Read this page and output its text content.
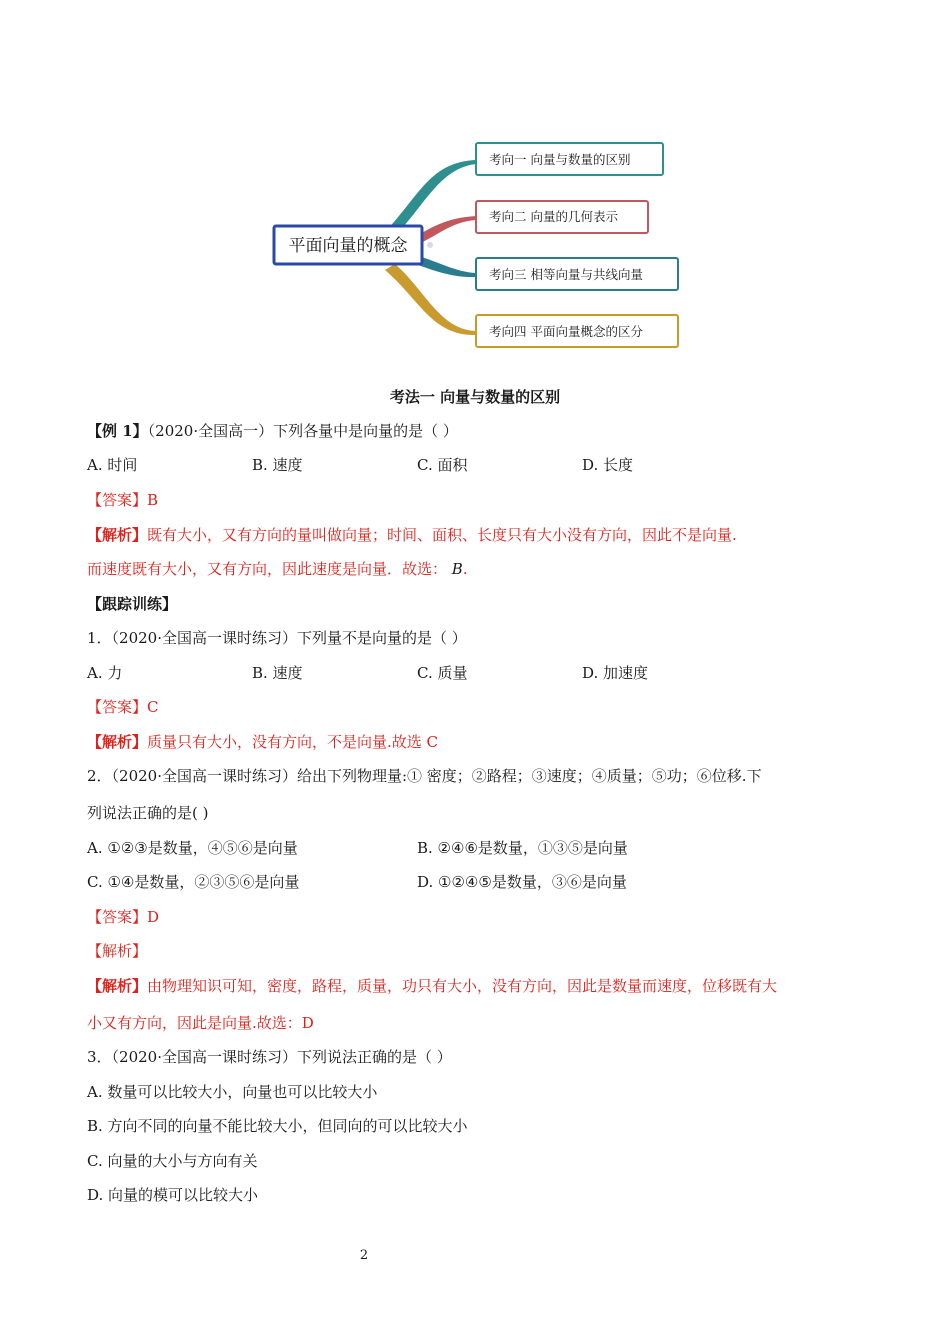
平面向量的概念
考向一 向量与数量的区别
考向二 向量的几何表示
考向三 相等向量与共线向量
考向四 平面向量概念的区分
考法一 向量与数量的区别
【例 1】（2020·全国高一）下列各量中是向量的是（ ）
A. 时间	B. 速度	C. 面积	D. 长度
【答案】B
【解析】既有大小，又有方向的量叫做向量；时间、面积、长度只有大小没有方向，因此不是向量.
而速度既有大小，又有方向，因此速度是向量．故选： B.
【跟踪训练】
1．（2020·全国高一课时练习）下列量不是向量的是（ ）
A. 力	B. 速度	C. 质量	D. 加速度
【答案】C
【解析】质量只有大小，没有方向，不是向量.故选 C
2．（2020·全国高一课时练习）给出下列物理量:① 密度；②路程；③速度；④质量；⑤功；⑥位移.下
列说法正确的是( )
A. ①②③是数量，④⑤⑥是向量	B. ②④⑥是数量，①③⑤是向量
C. ①④是数量，②③⑤⑥是向量	D. ①②④⑤是数量，③⑥是向量
【答案】D
【解析】
【解析】由物理知识可知，密度，路程，质量，功只有大小，没有方向，因此是数量而速度，位移既有大
小又有方向，因此是向量.故选：D
3．（2020·全国高一课时练习）下列说法正确的是（ ）
A. 数量可以比较大小，向量也可以比较大小
B. 方向不同的向量不能比较大小，但同向的可以比较大小
C. 向量的大小与方向有关
D. 向量的模可以比较大小
2
